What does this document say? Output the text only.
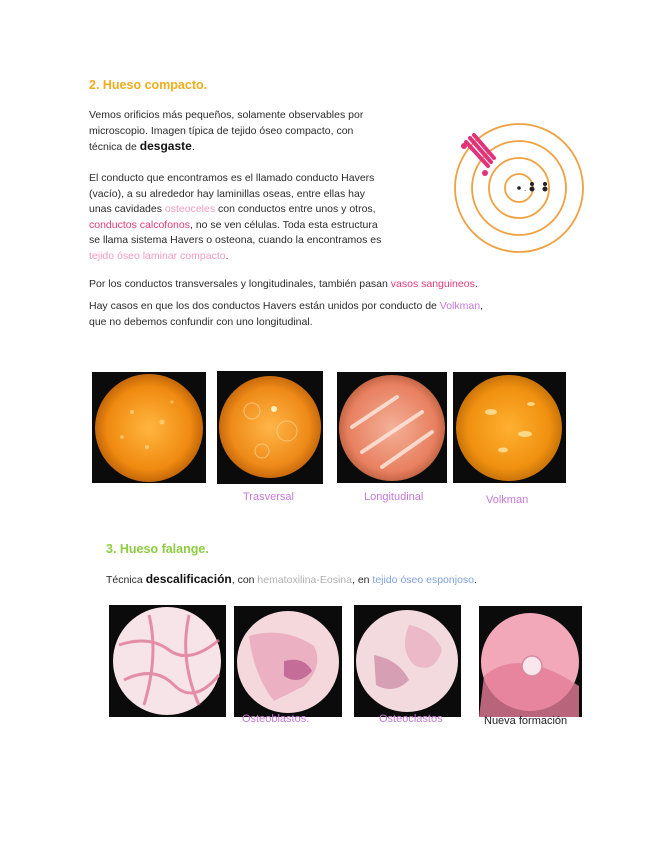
2. Hueso compacto.
Vemos orificios más pequeños, solamente observables por
microscopio. Imagen típica de tejido óseo compacto, con
técnica de desgaste.
El conducto que encontramos es el llamado conducto Havers
(vacío), a su alrededor hay laminillas oseas, entre ellas hay
unas cavidades osteoceles con conductos entre unos y otros,
conductos calcofonos, no se ven células. Toda esta estructura
se llama sistema Havers o osteona, cuando la encontramos es
tejido óseo laminar compacto.
.
Por los conductos transversales y longitudinales, también pasan vasos sanguineos.
Hay casos en que los dos conductos Havers están unidos por conducto de Volkman,
que no debemos confundir con uno longitudinal.
Trasversal	Longitudinal	Volkman
3. Hueso falange.
Técnica descalificación, con hematoxilina-Eosina, en tejido óseo esponjoso.
Osteoblastos.	Osteoclastos	Nueva formación
